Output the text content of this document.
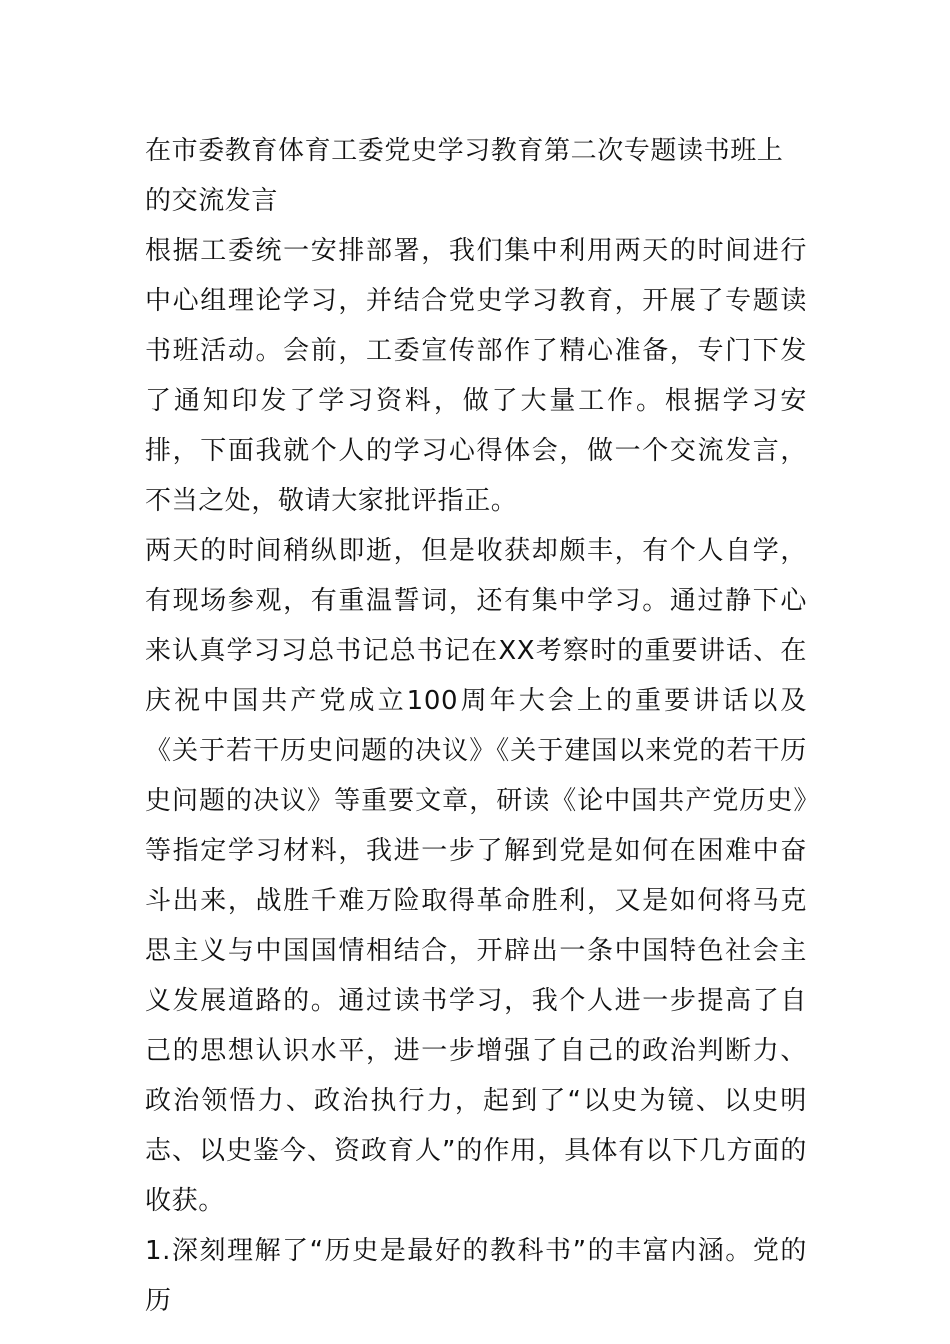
在市委教育体育工委党史学习教育第二次专题读书班上的交流发言

根据工委统一安排部署，我们集中利用两天的时间进行中心组理论学习，并结合党史学习教育，开展了专题读书班活动。会前，工委宣传部作了精心准备，专门下发了通知印发了学习资料，做了大量工作。根据学习安排，下面我就个人的学习心得体会，做一个交流发言，不当之处，敬请大家批评指正。

两天的时间稍纵即逝，但是收获却颇丰，有个人自学，有现场参观，有重温誓词，还有集中学习。通过静下心来认真学习习总书记总书记在XX考察时的重要讲话、在庆祝中国共产党成立100周年大会上的重要讲话以及《关于若干历史问题的决议》《关于建国以来党的若干历史问题的决议》等重要文章，研读《论中国共产党历史》等指定学习材料，我进一步了解到党是如何在困难中奋斗出来，战胜千难万险取得革命胜利，又是如何将马克思主义与中国国情相结合，开辟出一条中国特色社会主义发展道路的。通过读书学习，我个人进一步提高了自己的思想认识水平，进一步增强了自己的政治判断力、政治领悟力、政治执行力，起到了“以史为镜、以史明志、以史鉴今、资政育人”的作用，具体有以下几方面的收获。

1.深刻理解了“历史是最好的教科书”的丰富内涵。党的历
